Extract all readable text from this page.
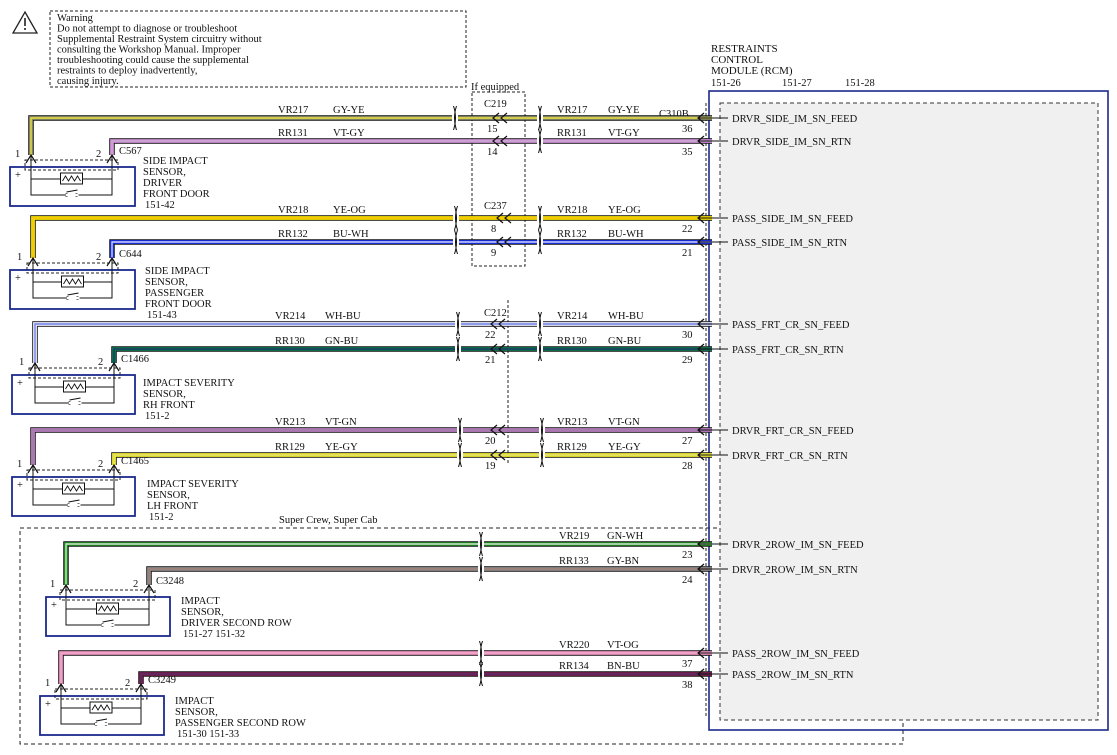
Warning
Do not attempt to diagnose or troubleshoot
Supplemental Restraint System circuitry without
consulting the Workshop Manual. Improper
troubleshooting could cause the supplemental
restraints to deploy inadvertently,
causing injury.
Super Crew, Super Cab
RESTRAINTS
CONTROL
MODULE (RCM)
151-26	151-27	151-28
C310B
If equipped
C219
C237
C212
VR217 GY-YE	VR217 GY-YE
15	36
DRVR_SIDE_IM_SN_FEED
1
RR131 VT-GY	RR131 VT-GY
14	35
DRVR_SIDE_IM_SN_RTN
2
VR218 YE-OG	VR218 YE-OG
8	22
PASS_SIDE_IM_SN_FEED
1
RR132 BU-WH	RR132 BU-WH
9	21
PASS_SIDE_IM_SN_RTN
2
VR214 WH-BU	VR214 WH-BU
22	30
PASS_FRT_CR_SN_FEED
1
RR130 GN-BU	RR130 GN-BU
21	29
PASS_FRT_CR_SN_RTN
2
VR213 VT-GN	VR213 VT-GN
20	27
DRVR_FRT_CR_SN_FEED
1
RR129 YE-GY	RR129 YE-GY
19	28
DRVR_FRT_CR_SN_RTN
2
VR219 GN-WH
23
DRVR_2ROW_IM_SN_FEED
1
RR133 GY-BN
24
DRVR_2ROW_IM_SN_RTN
2
VR220 VT-OG
37
PASS_2ROW_IM_SN_FEED
1
RR134 BN-BU
38
PASS_2ROW_IM_SN_RTN
2
+
C567
SIDE IMPACT
SENSOR,
DRIVER
FRONT DOOR
151-42
+
C644
SIDE IMPACT
SENSOR,
PASSENGER
FRONT DOOR
151-43
+
C1466
IMPACT SEVERITY
SENSOR,
RH FRONT
151-2
+
C1465
IMPACT SEVERITY
SENSOR,
LH FRONT
151-2
+
C3248
IMPACT
SENSOR,
DRIVER SECOND ROW
151-27 151-32
+
C3249
IMPACT
SENSOR,
PASSENGER SECOND ROW
151-30 151-33
